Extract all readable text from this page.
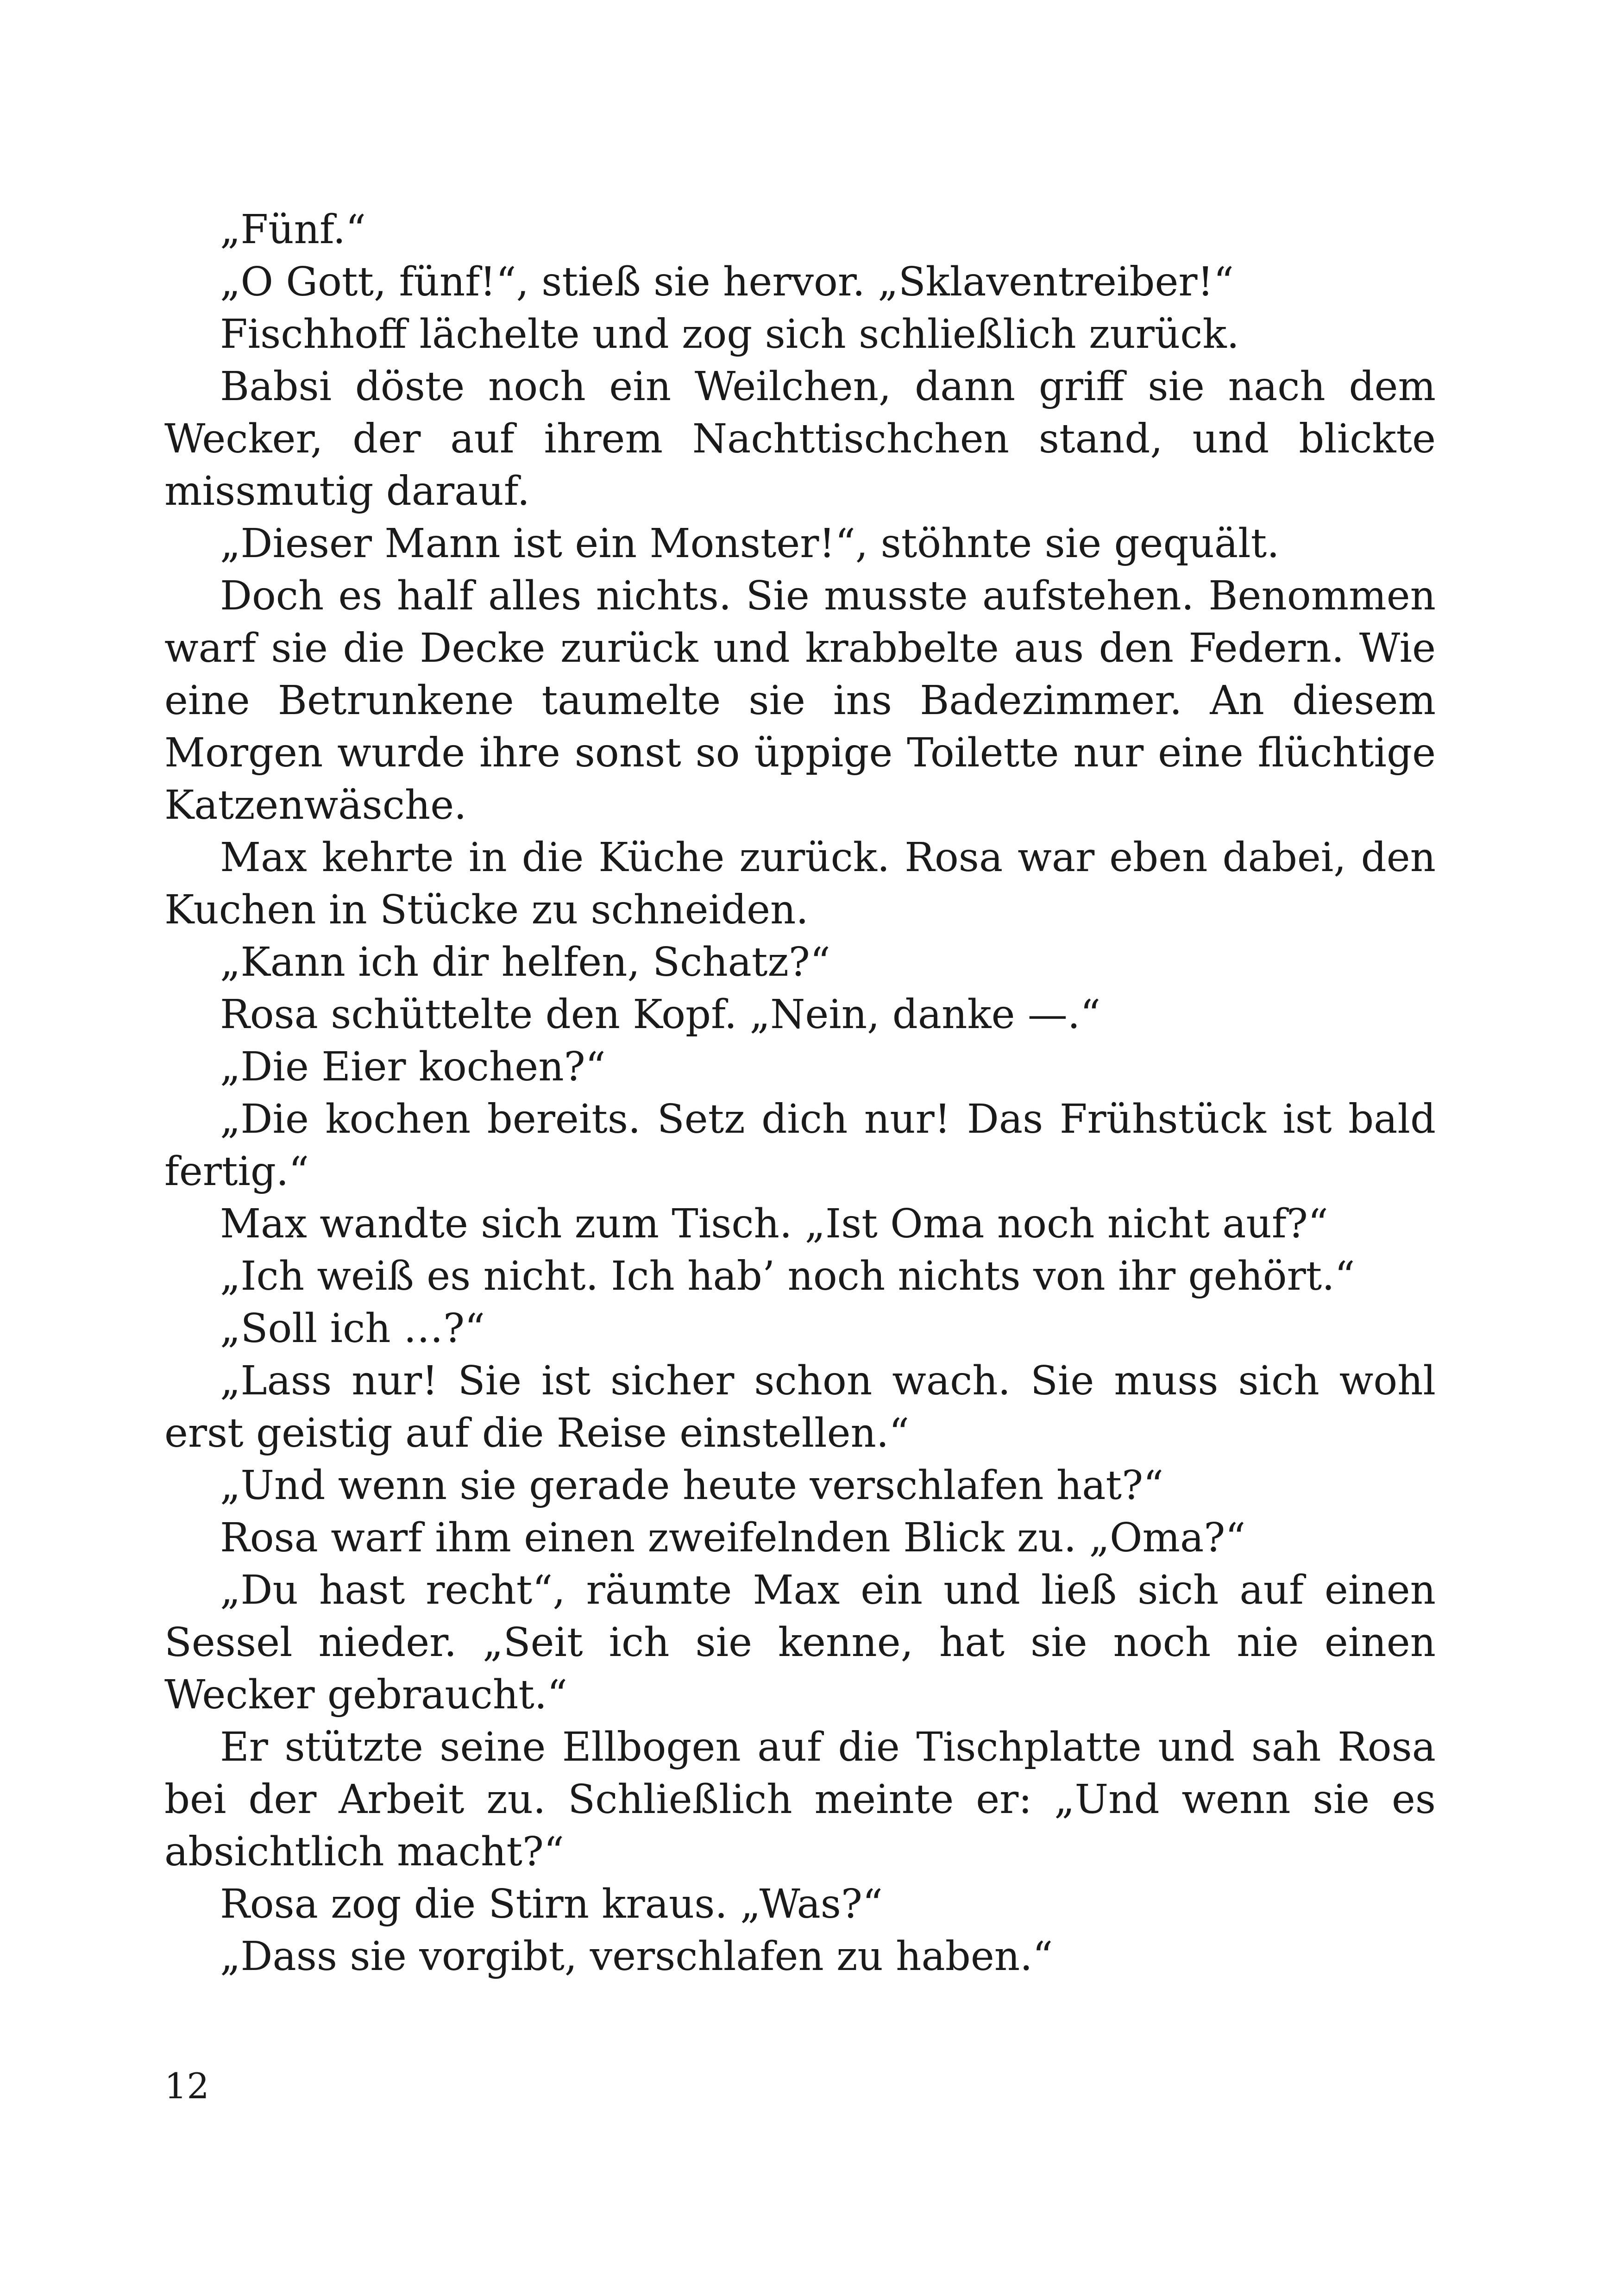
„Fünf.“

„O Gott, fünf!“, stieß sie hervor. „Sklaventreiber!“

Fischhoff lächelte und zog sich schließlich zurück.

Babsi döste noch ein Weilchen, dann griff sie nach dem Wecker, der auf ihrem Nachttischchen stand, und blickte missmutig darauf.

„Dieser Mann ist ein Monster!“, stöhnte sie gequält.

Doch es half alles nichts. Sie musste aufstehen. Benommen warf sie die Decke zurück und krabbelte aus den Federn. Wie eine Betrunkene taumelte sie ins Badezimmer. An diesem Morgen wurde ihre sonst so üppige Toilette nur eine flüchtige Katzenwäsche.

Max kehrte in die Küche zurück. Rosa war eben dabei, den Kuchen in Stücke zu schneiden.

„Kann ich dir helfen, Schatz?“

Rosa schüttelte den Kopf. „Nein, danke —.“

„Die Eier kochen?“

„Die kochen bereits. Setz dich nur! Das Frühstück ist bald fertig.“

Max wandte sich zum Tisch. „Ist Oma noch nicht auf?“

„Ich weiß es nicht. Ich hab’ noch nichts von ihr gehört.“

„Soll ich …?“

„Lass nur! Sie ist sicher schon wach. Sie muss sich wohl erst geistig auf die Reise einstellen.“

„Und wenn sie gerade heute verschlafen hat?“

Rosa warf ihm einen zweifelnden Blick zu. „Oma?“

„Du hast recht“, räumte Max ein und ließ sich auf einen Sessel nieder. „Seit ich sie kenne, hat sie noch nie einen Wecker gebraucht.“

Er stützte seine Ellbogen auf die Tischplatte und sah Rosa bei der Arbeit zu. Schließlich meinte er: „Und wenn sie es absichtlich macht?“

Rosa zog die Stirn kraus. „Was?“

„Dass sie vorgibt, verschlafen zu haben.“

12
